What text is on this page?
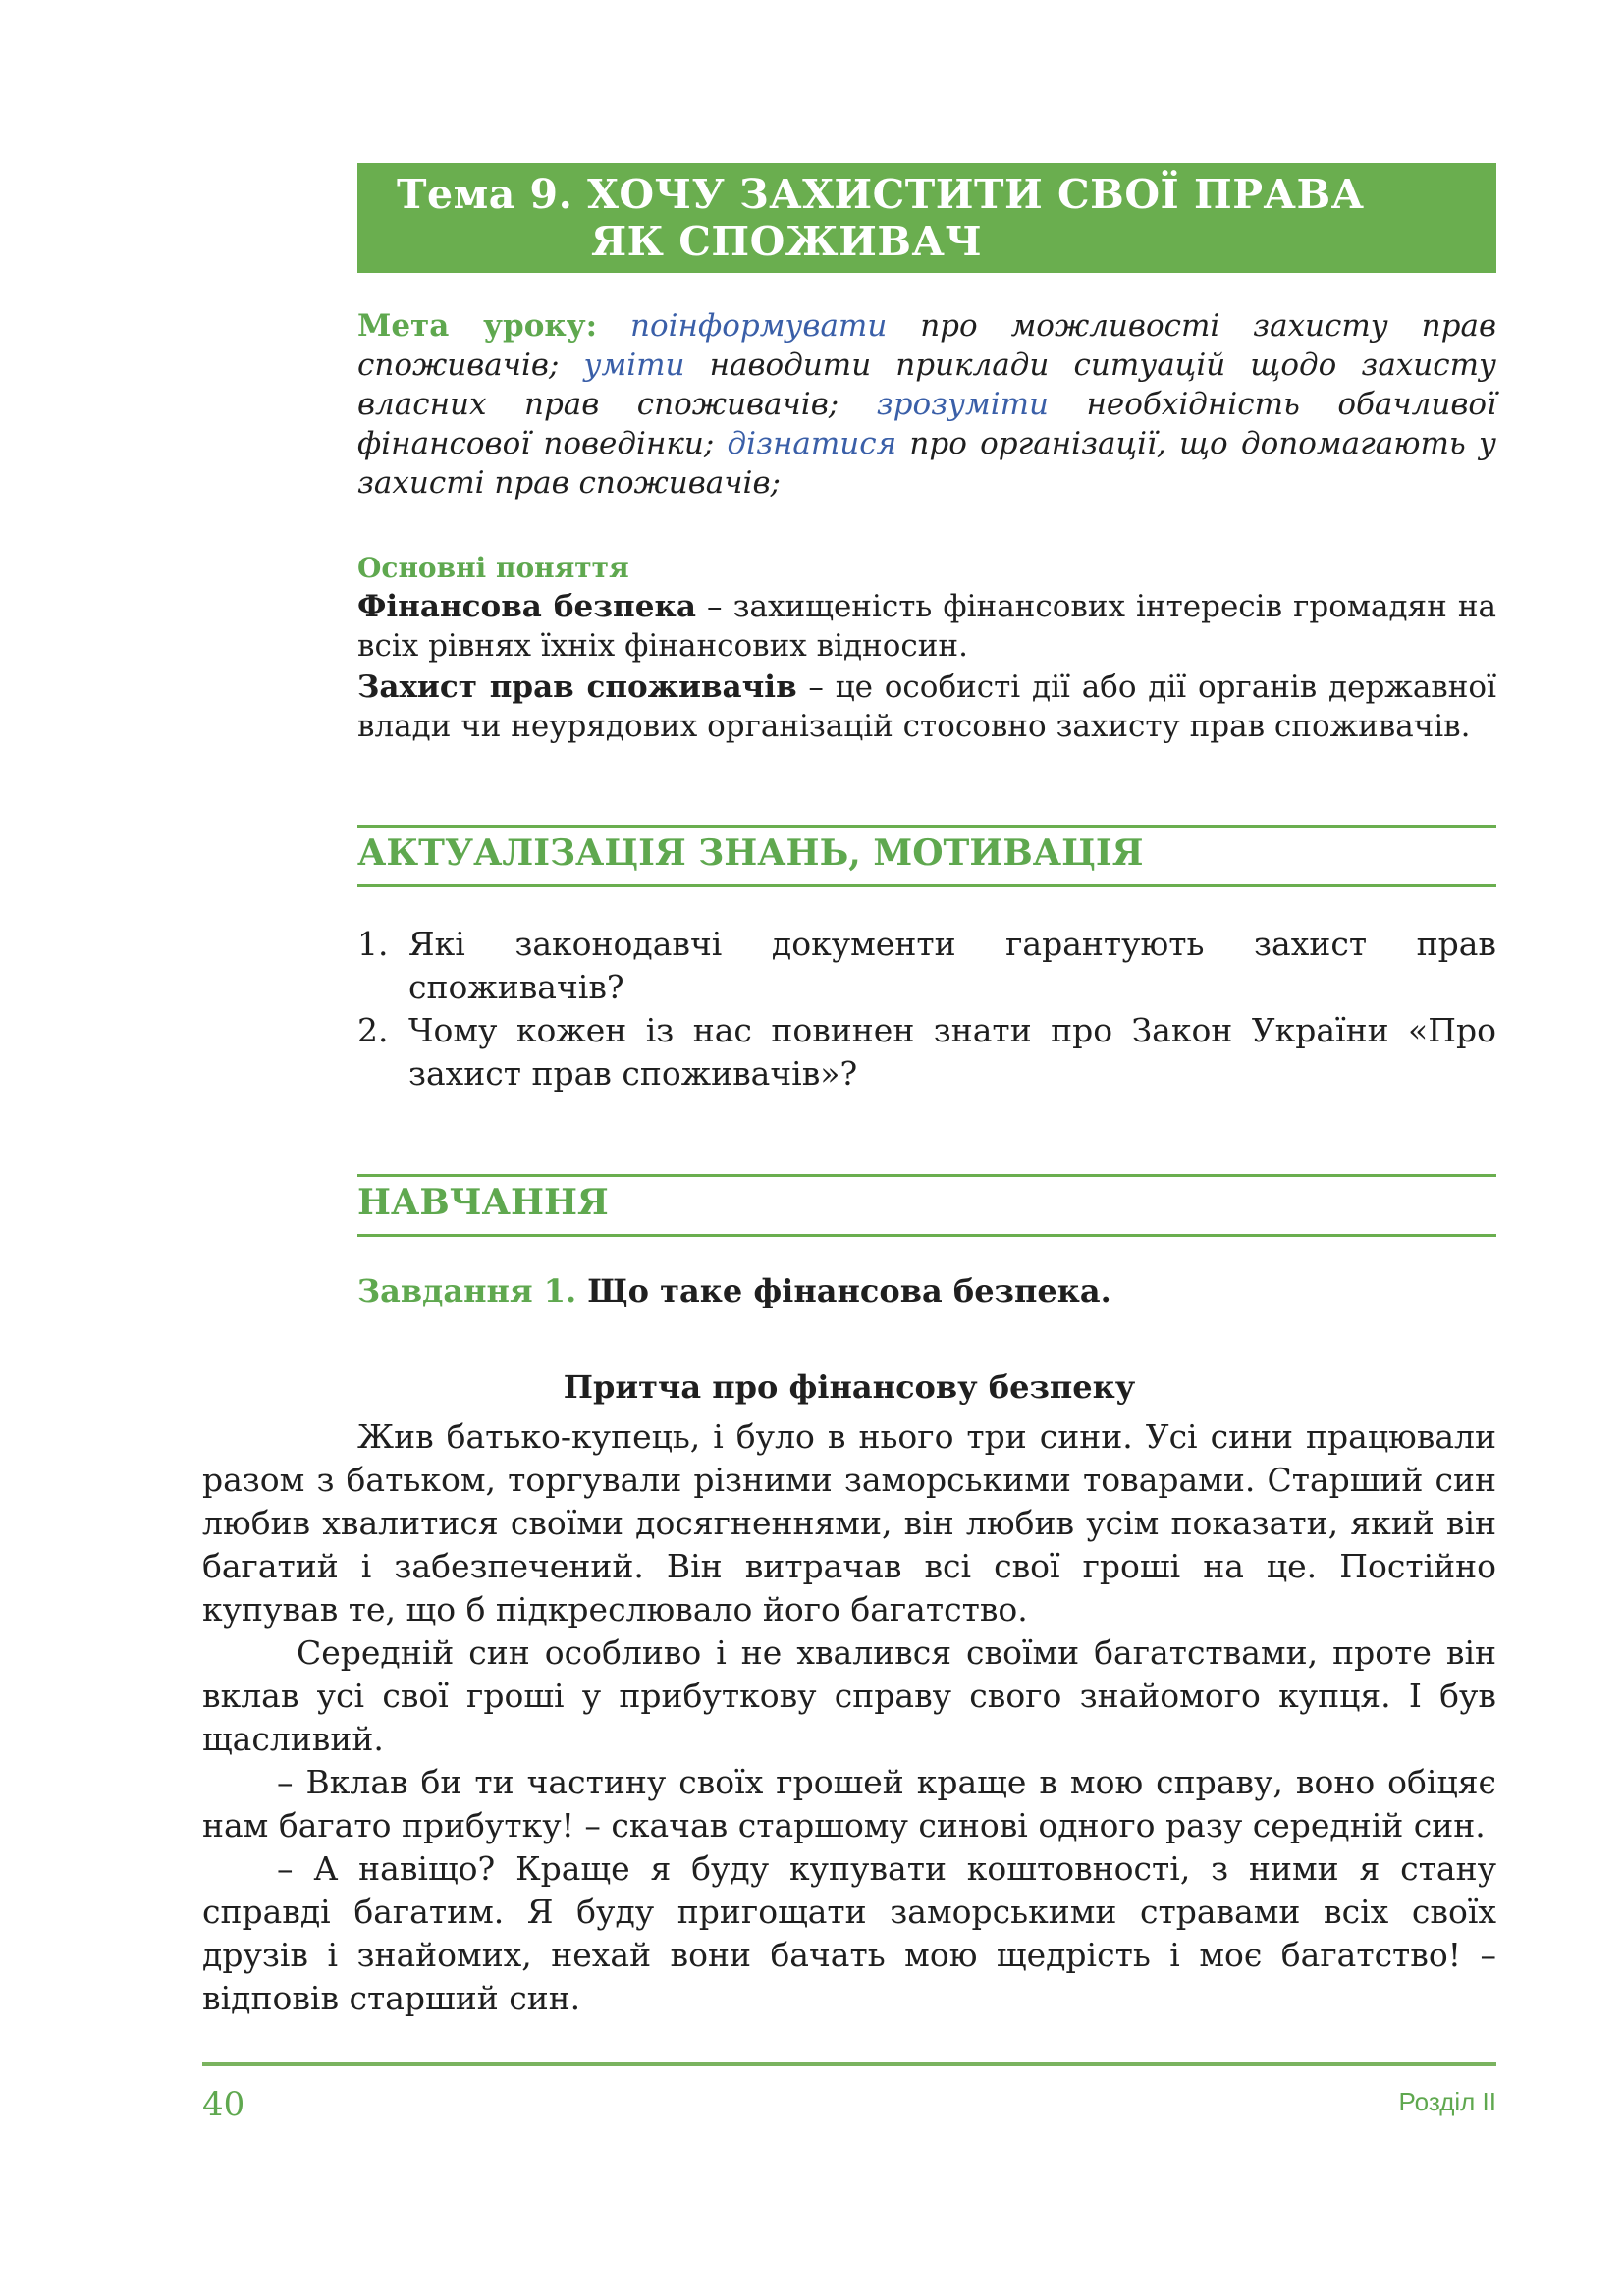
Тема 9. ХОЧУ ЗАХИСТИТИ СВОЇ ПРАВА
ЯК СПОЖИВАЧ
Мета уроку: поінформувати про можливості захисту прав споживачів; уміти наводити приклади ситуацій щодо захисту власних прав споживачів; зрозуміти необхідність обачливої фінансової поведінки; дізнатися про організації, що допомагають у захисті прав споживачів;
Основні поняття
Фінансова безпека – захищеність фінансових інтересів громадян на всіх рівнях їхніх фінансових відносин.
Захист прав споживачів – це особисті дії або дії органів державної влади чи неурядових організацій стосовно захисту прав споживачів.
АКТУАЛІЗАЦІЯ ЗНАНЬ, МОТИВАЦІЯ
1. Які законодавчі документи гарантують захист прав споживачів?
2. Чому кожен із нас повинен знати про Закон України «Про захист прав споживачів»?
НАВЧАННЯ
Завдання 1. Що таке фінансова безпека.
Притча про фінансову безпеку

Жив батько-купець, і було в нього три сини. Усі сини працювали разом з батьком, торгували різними заморськими товарами. Старший син любив хвалитися своїми досягненнями, він любив усім показати, який він багатий і забезпечений. Він витрачав всі свої гроші на це. Постійно купував те, що б підкреслювало його багатство.

Середній син особливо і не хвалився своїми багатствами, проте він вклав усі свої гроші у прибуткову справу свого знайомого купця. І був щасливий.

– Вклав би ти частину своїх грошей краще в мою справу, воно обіцяє нам багато прибутку! – скачав старшому синові одного разу середній син.

– А навіщо? Краще я буду купувати коштовності, з ними я стану справді багатим. Я буду пригощати заморськими стравами всіх своїх друзів і знайомих, нехай вони бачать мою щедрість і моє багатство! – відповів старший син.

40	Розділ ІІ
